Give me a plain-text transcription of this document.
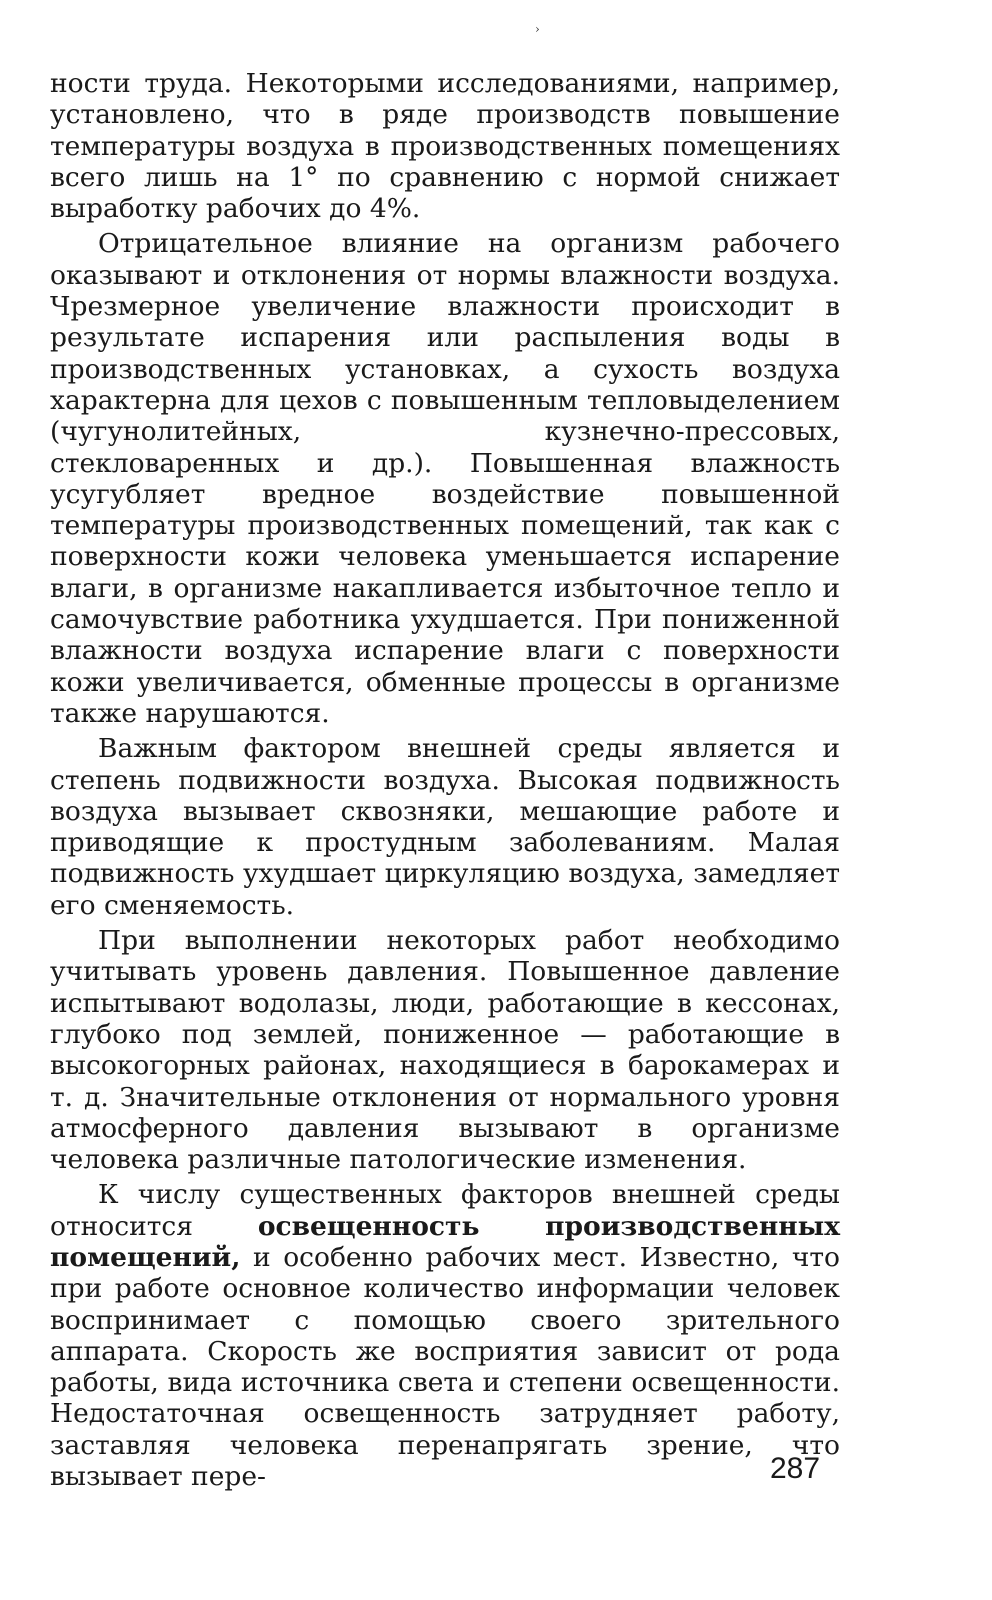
›

ности труда. Некоторыми исследованиями, например, установлено, что в ряде производств повышение температуры воздуха в производственных помещениях всего лишь на 1° по сравнению с нормой снижает выработку рабочих до 4%.

Отрицательное влияние на организм рабочего оказывают и отклонения от нормы влажности воздуха. Чрезмерное увеличение влажности происходит в результате испарения или распыления воды в производственных установках, а сухость воздуха характерна для цехов с повышенным тепловыделением (чугунолитейных, кузнечно-прессовых, стекловаренных и др.). Повышенная влажность усугубляет вредное воздействие повышенной температуры производственных помещений, так как с поверхности кожи человека уменьшается испарение влаги, в организме накапливается избыточное тепло и самочувствие работника ухудшается. При пониженной влажности воздуха испарение влаги с поверхности кожи увеличивается, обменные процессы в организме также нарушаются.

Важным фактором внешней среды является и степень подвижности воздуха. Высокая подвижность воздуха вызывает сквозняки, мешающие работе и приводящие к простудным заболеваниям. Малая подвижность ухудшает циркуляцию воздуха, замедляет его сменяемость.

При выполнении некоторых работ необходимо учитывать уровень давления. Повышенное давление испытывают водолазы, люди, работающие в кессонах, глубоко под землей, пониженное — работающие в высокогорных районах, находящиеся в барокамерах и т. д. Значительные отклонения от нормального уровня атмосферного давления вызывают в организме человека различные патологические изменения.

К числу существенных факторов внешней среды относится освещенность производственных помещений, и особенно рабочих мест. Известно, что при работе основное количество информации человек воспринимает с помощью своего зрительного аппарата. Скорость же восприятия зависит от рода работы, вида источника света и степени освещенности. Недостаточная освещенность затрудняет работу, заставляя человека перенапрягать зрение, что вызывает пере-	287
